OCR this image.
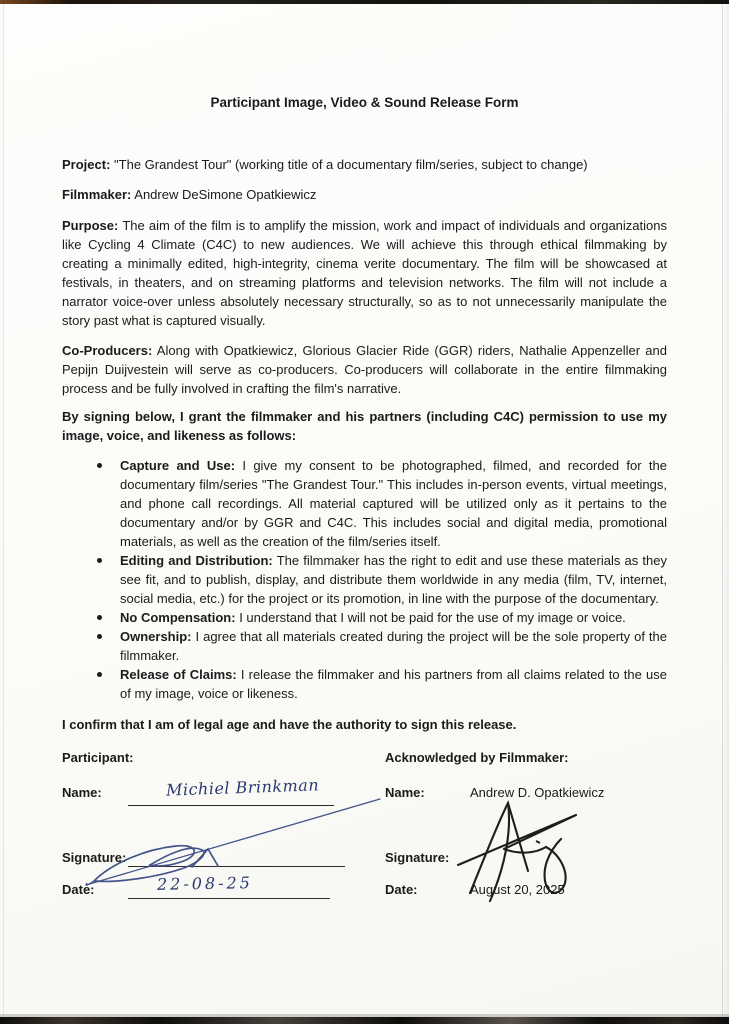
Participant Image, Video & Sound Release Form

Project: "The Grandest Tour" (working title of a documentary film/series, subject to change)

Filmmaker: Andrew DeSimone Opatkiewicz

Purpose: The aim of the film is to amplify the mission, work and impact of individuals and organizations like Cycling 4 Climate (C4C) to new audiences. We will achieve this through ethical filmmaking by creating a minimally edited, high-integrity, cinema verite documentary. The film will be showcased at festivals, in theaters, and on streaming platforms and television networks. The film will not include a narrator voice-over unless absolutely necessary structurally, so as to not unnecessarily manipulate the story past what is captured visually.

Co-Producers: Along with Opatkiewicz, Glorious Glacier Ride (GGR) riders, Nathalie Appenzeller and Pepijn Duijvestein will serve as co-producers. Co-producers will collaborate in the entire filmmaking process and be fully involved in crafting the film's narrative.

By signing below, I grant the filmmaker and his partners (including C4C) permission to use my image, voice, and likeness as follows:

Capture and Use: I give my consent to be photographed, filmed, and recorded for the documentary film/series "The Grandest Tour." This includes in-person events, virtual meetings, and phone call recordings. All material captured will be utilized only as it pertains to the documentary and/or by GGR and C4C. This includes social and digital media, promotional materials, as well as the creation of the film/series itself.
Editing and Distribution: The filmmaker has the right to edit and use these materials as they see fit, and to publish, display, and distribute them worldwide in any media (film, TV, internet, social media, etc.) for the project or its promotion, in line with the purpose of the documentary.
No Compensation: I understand that I will not be paid for the use of my image or voice.
Ownership: I agree that all materials created during the project will be the sole property of the filmmaker.
Release of Claims: I release the filmmaker and his partners from all claims related to the use of my image, voice or likeness.

I confirm that I am of legal age and have the authority to sign this release.

Participant:
Name:	Michiel Brinkman
Signature:
Date:	22-08-25
Acknowledged by Filmmaker:
Name:	Andrew D. Opatkiewicz
Signature:
Date:	August 20, 2025
